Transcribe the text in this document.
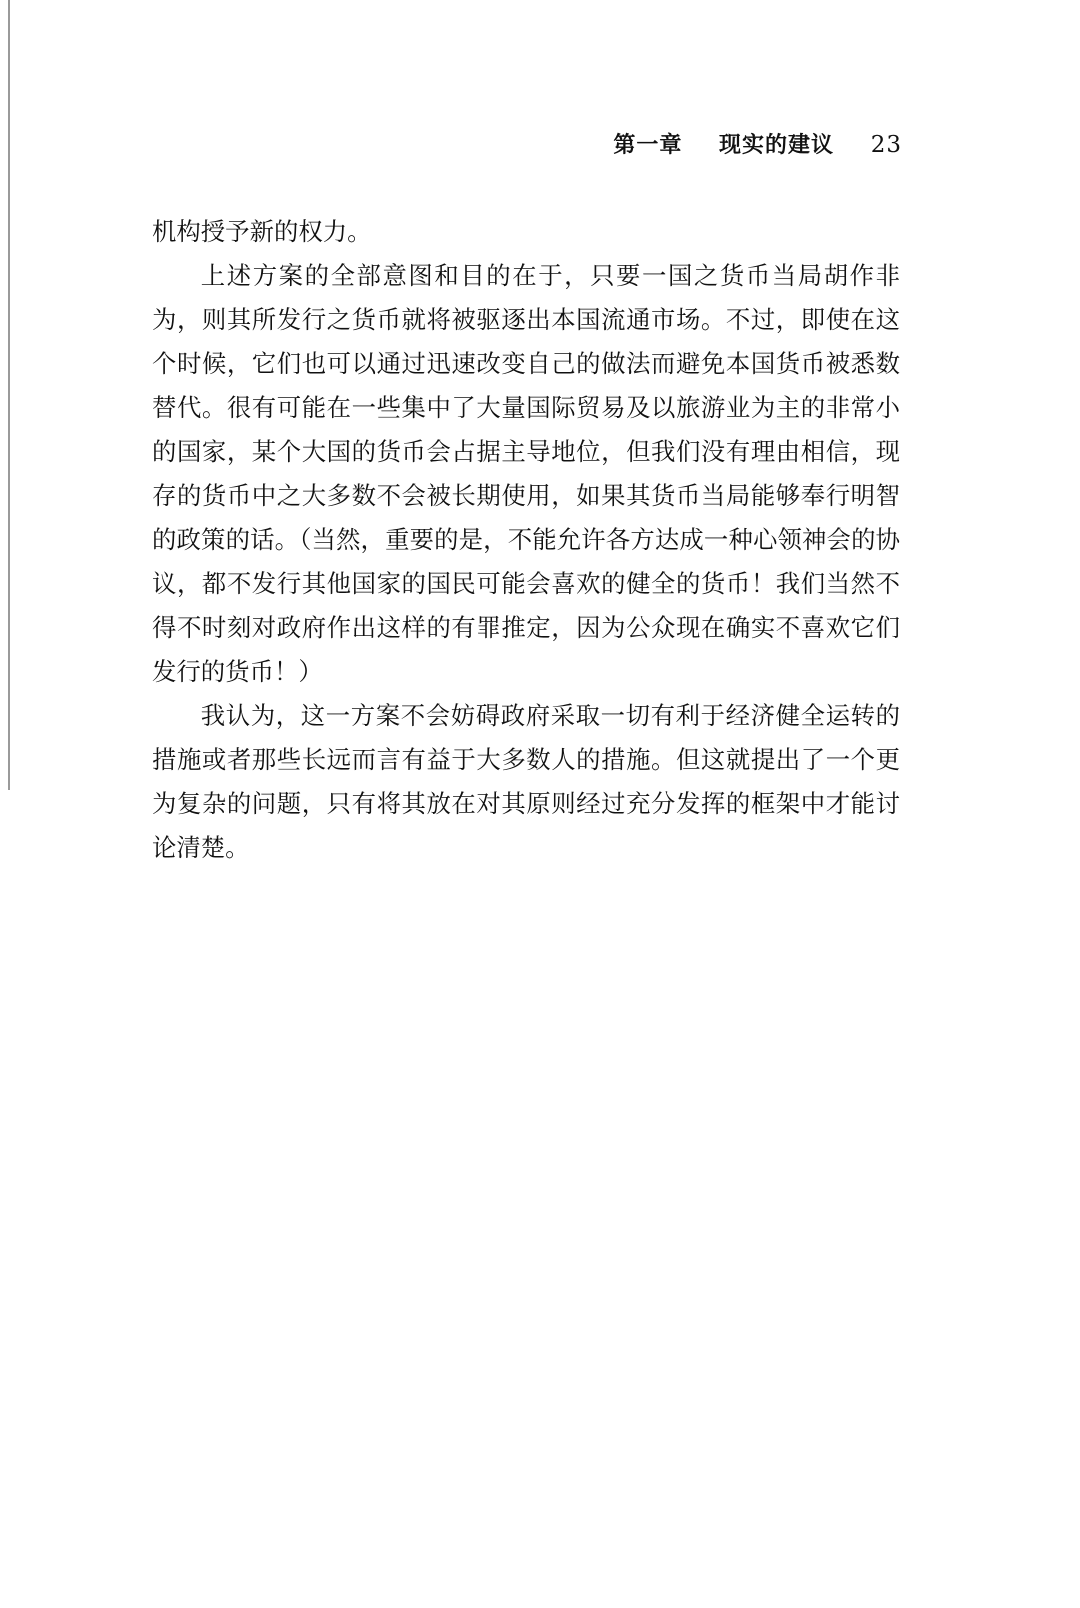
第一章 现实的建议 23

机构授予新的权力。

上述方案的全部意图和目的在于，只要一国之货币当局胡作非为，则其所发行之货币就将被驱逐出本国流通市场。不过，即使在这个时候，它们也可以通过迅速改变自己的做法而避免本国货币被悉数替代。很有可能在一些集中了大量国际贸易及以旅游业为主的非常小的国家，某个大国的货币会占据主导地位，但我们没有理由相信，现存的货币中之大多数不会被长期使用，如果其货币当局能够奉行明智的政策的话。（当然，重要的是，不能允许各方达成一种心领神会的协议，都不发行其他国家的国民可能会喜欢的健全的货币！我们当然不得不时刻对政府作出这样的有罪推定，因为公众现在确实不喜欢它们发行的货币！）

我认为，这一方案不会妨碍政府采取一切有利于经济健全运转的措施或者那些长远而言有益于大多数人的措施。但这就提出了一个更为复杂的问题，只有将其放在对其原则经过充分发挥的框架中才能讨论清楚。
